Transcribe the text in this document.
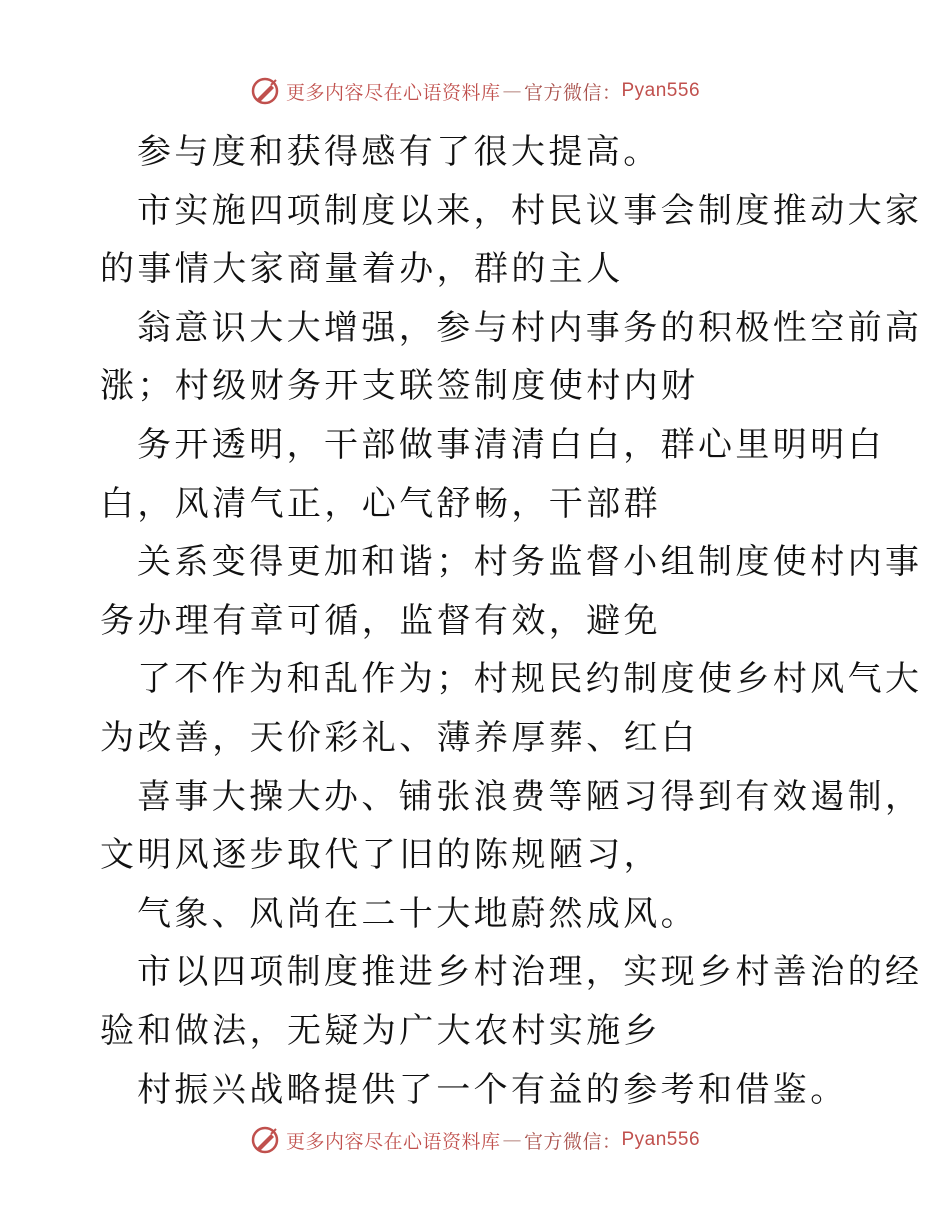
更多内容尽在心语资料库 — 官方微信： Pyan556
参与度和获得感有了很大提高。
市实施四项制度以来，村民议事会制度推动大家
的事情大家商量着办，群的主人
翁意识大大增强，参与村内事务的积极性空前高
涨；村级财务开支联签制度使村内财
务开透明，干部做事清清白白，群心里明明白
白，风清气正，心气舒畅，干部群
关系变得更加和谐；村务监督小组制度使村内事
务办理有章可循，监督有效，避免
了不作为和乱作为；村规民约制度使乡村风气大
为改善，天价彩礼、薄养厚葬、红白
喜事大操大办、铺张浪费等陋习得到有效遏制，
文明风逐步取代了旧的陈规陋习，
气象、风尚在二十大地蔚然成风。
市以四项制度推进乡村治理，实现乡村善治的经
验和做法，无疑为广大农村实施乡
村振兴战略提供了一个有益的参考和借鉴。
更多内容尽在心语资料库 — 官方微信： Pyan556
